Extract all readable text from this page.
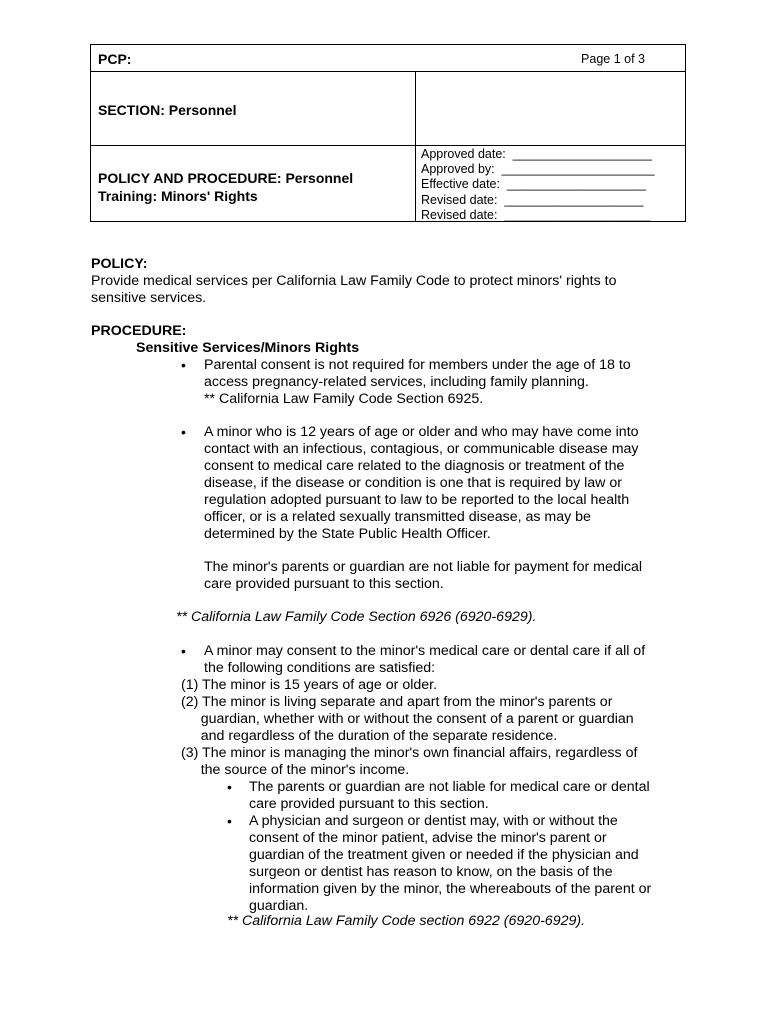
PCP:	Page 1 of 3
SECTION: Personnel
POLICY AND PROCEDURE: Personnel
Training: Minors' Rights
Approved date: ____________________
Approved by: ______________________
Effective date: ____________________
Revised date: ____________________
Revised date: _____________________
POLICY:
Provide medical services per California Law Family Code to protect minors' rights to
sensitive services.
PROCEDURE:
Sensitive Services/Minors Rights
• Parental consent is not required for members under the age of 18 to
access pregnancy-related services, including family planning.
** California Law Family Code Section 6925.
• A minor who is 12 years of age or older and who may have come into
contact with an infectious, contagious, or communicable disease may
consent to medical care related to the diagnosis or treatment of the
disease, if the disease or condition is one that is required by law or
regulation adopted pursuant to law to be reported to the local health
officer, or is a related sexually transmitted disease, as may be
determined by the State Public Health Officer.
The minor's parents or guardian are not liable for payment for medical
care provided pursuant to this section.
** California Law Family Code Section 6926 (6920-6929).
• A minor may consent to the minor's medical care or dental care if all of
the following conditions are satisfied:
(1) The minor is 15 years of age or older.
(2) The minor is living separate and apart from the minor's parents or
guardian, whether with or without the consent of a parent or guardian
and regardless of the duration of the separate residence.
(3) The minor is managing the minor's own financial affairs, regardless of
the source of the minor's income.
• The parents or guardian are not liable for medical care or dental
care provided pursuant to this section.
• A physician and surgeon or dentist may, with or without the
consent of the minor patient, advise the minor's parent or
guardian of the treatment given or needed if the physician and
surgeon or dentist has reason to know, on the basis of the
information given by the minor, the whereabouts of the parent or
guardian.
** California Law Family Code section 6922 (6920-6929).
